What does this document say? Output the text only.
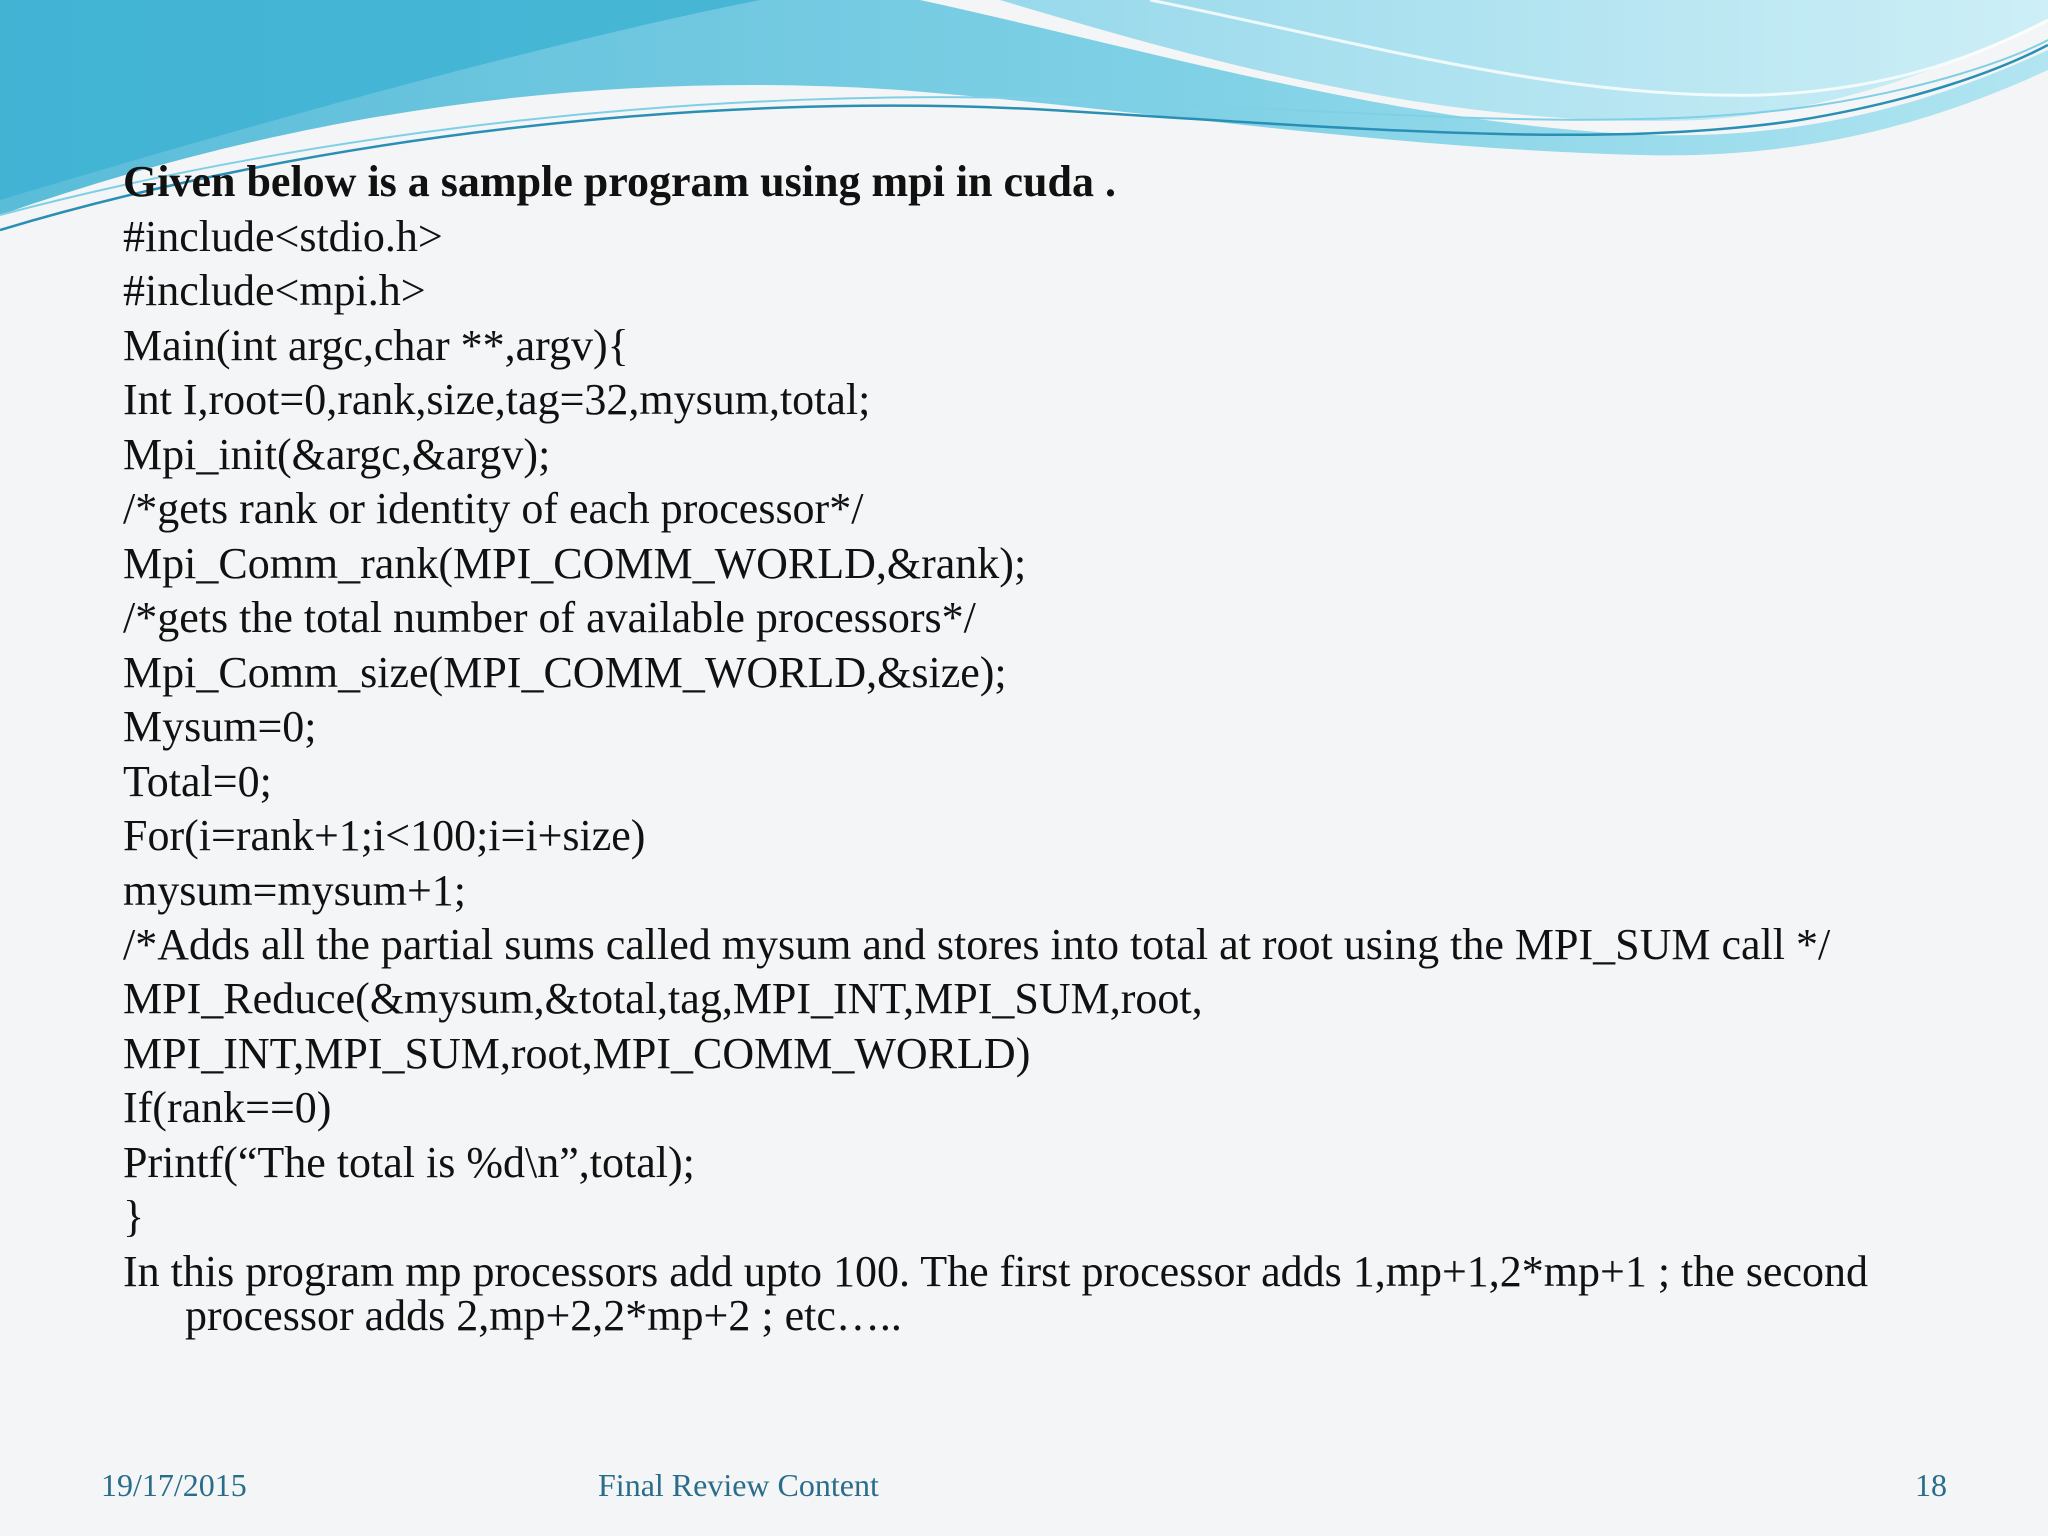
Given below is a sample program using mpi in cuda .
#include<stdio.h>
#include<mpi.h>
Main(int argc,char **,argv){
Int I,root=0,rank,size,tag=32,mysum,total;
Mpi_init(&argc,&argv);
/*gets rank or identity of each processor*/
Mpi_Comm_rank(MPI_COMM_WORLD,&rank);
/*gets the total number of available processors*/
Mpi_Comm_size(MPI_COMM_WORLD,&size);
Mysum=0;
Total=0;
For(i=rank+1;i<100;i=i+size)
mysum=mysum+1;
/*Adds all the partial sums called mysum and stores into total at root using the MPI_SUM call */
MPI_Reduce(&mysum,&total,tag,MPI_INT,MPI_SUM,root,
MPI_INT,MPI_SUM,root,MPI_COMM_WORLD)
If(rank==0)
Printf(“The total is %d\n”,total);
}
In this program mp processors add upto 100. The first processor adds 1,mp+1,2*mp+1 ; the second processor adds 2,mp+2,2*mp+2 ; etc…..
19/17/2015	Final Review Content	18
